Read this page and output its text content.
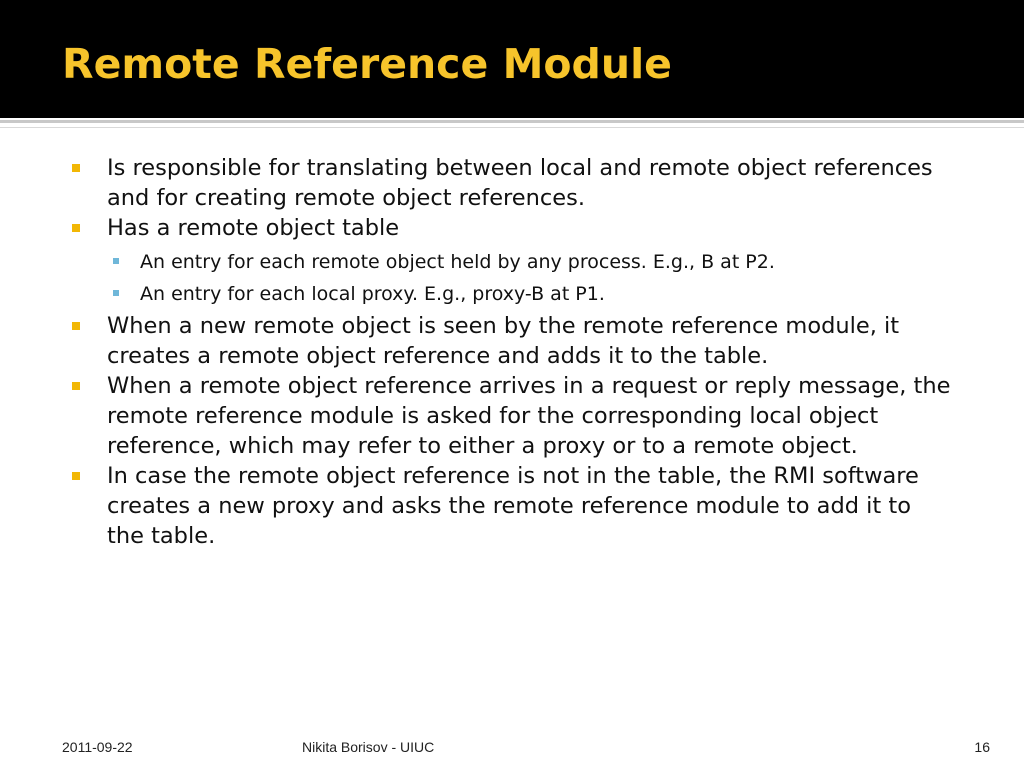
Remote Reference Module
Is responsible for translating between local and remote object references and for creating remote object references.
Has a remote object table
An entry for each remote object held by any process. E.g., B at P2.
An entry for each local proxy. E.g., proxy-B at P1.
When a new remote object is seen by the remote reference module, it creates a remote object reference and adds it to the table.
When a remote object reference arrives in a request or reply message, the remote reference module is asked for the corresponding local object reference, which may refer to either a proxy or to a remote object.
In case the remote object reference is not in the table, the RMI software creates a new proxy and asks the remote reference module to add it to the table.
2011-09-22	Nikita Borisov - UIUC	16
